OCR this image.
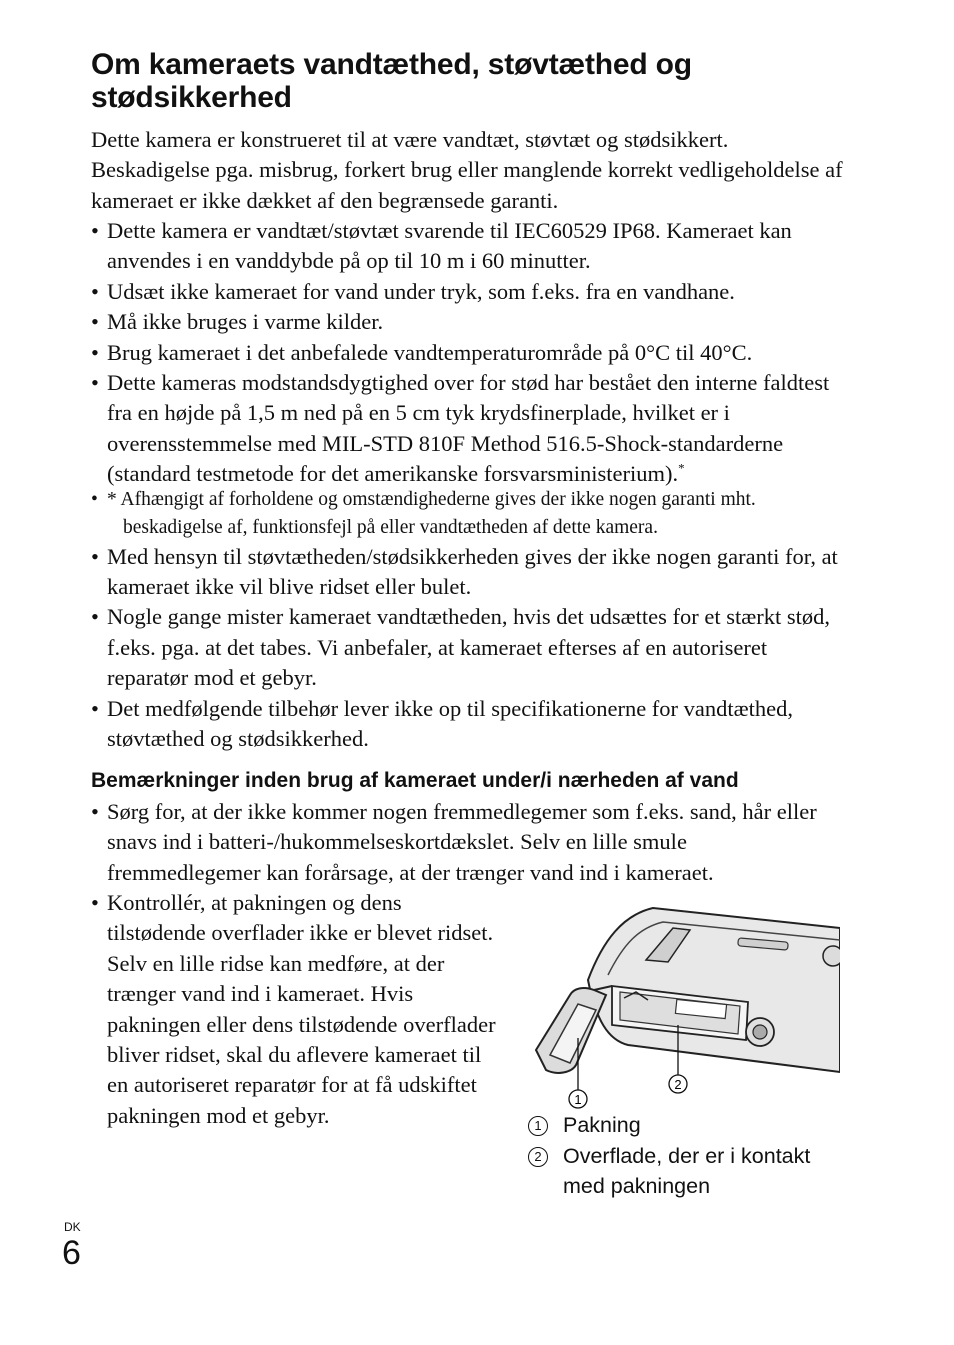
Om kameraets vandtæthed, støvtæthed og stødsikkerhed

Dette kamera er konstrueret til at være vandtæt, støvtæt og stødsikkert. Beskadigelse pga. misbrug, forkert brug eller manglende korrekt vedligeholdelse af kameraet er ikke dækket af den begrænsede garanti.

• Dette kamera er vandtæt/støvtæt svarende til IEC60529 IP68. Kameraet kan anvendes i en vanddybde på op til 10 m i 60 minutter.
• Udsæt ikke kameraet for vand under tryk, som f.eks. fra en vandhane.
• Må ikke bruges i varme kilder.
• Brug kameraet i det anbefalede vandtemperaturområde på 0°C til 40°C.
• Dette kameras modstandsdygtighed over for stød har bestået den interne faldtest fra en højde på 1,5 m ned på en 5 cm tyk krydsfinerplade, hvilket er i overensstemmelse med MIL-STD 810F Method 516.5-Shock-standarderne (standard testmetode for det amerikanske forsvarsministerium).*
• * Afhængigt af forholdene og omstændighederne gives der ikke nogen garanti mht. beskadigelse af, funktionsfejl på eller vandtætheden af dette kamera.
• Med hensyn til støvtætheden/stødsikkerheden gives der ikke nogen garanti for, at kameraet ikke vil blive ridset eller bulet.
• Nogle gange mister kameraet vandtætheden, hvis det udsættes for et stærkt stød, f.eks. pga. at det tabes. Vi anbefaler, at kameraet efterses af en autoriseret reparatør mod et gebyr.
• Det medfølgende tilbehør lever ikke op til specifikationerne for vandtæthed, støvtæthed og stødsikkerhed.
Bemærkninger inden brug af kameraet under/i nærheden af vand
• Sørg for, at der ikke kommer nogen fremmedlegemer som f.eks. sand, hår eller snavs ind i batteri-/hukommelseskortdækslet. Selv en lille smule fremmedlegemer kan forårsage, at der trænger vand ind i kameraet.
• Kontrollér, at pakningen og dens tilstødende overflader ikke er blevet ridset. Selv en lille ridse kan medføre, at der trænger vand ind i kameraet. Hvis pakningen eller dens tilstødende overflader bliver ridset, skal du aflevere kameraet til en autoriseret reparatør for at få udskiftet pakningen mod et gebyr.
1
2
1 Pakning
2 Overflade, der er i kontakt med pakningen
DK
6
